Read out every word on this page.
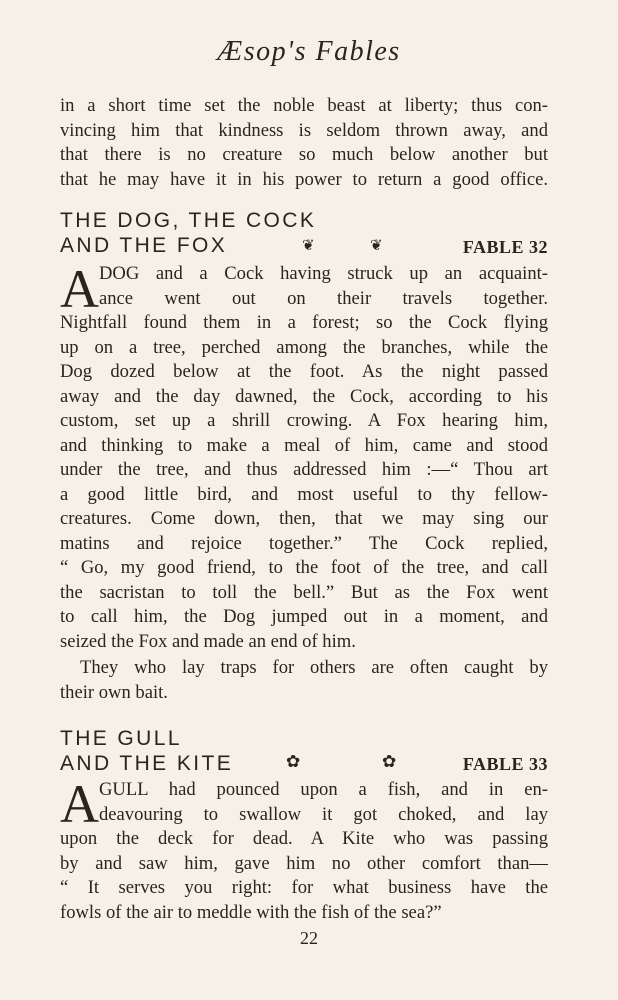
Æsop's Fables
in a short time set the noble beast at liberty; thus con-
vincing him that kindness is seldom thrown away, and
that there is no creature so much below another but
that he may have it in his power to return a good office.
THE DOG, THE COCK
AND THE FOX	❦	❦	FABLE 32
A DOG and a Cock having struck up an acquaint-
ance went out on their travels together.
Nightfall found them in a forest; so the Cock flying
up on a tree, perched among the branches, while the
Dog dozed below at the foot. As the night passed
away and the day dawned, the Cock, according to his
custom, set up a shrill crowing. A Fox hearing him,
and thinking to make a meal of him, came and stood
under the tree, and thus addressed him :—“ Thou art
a good little bird, and most useful to thy fellow-
creatures. Come down, then, that we may sing our
matins and rejoice together.” The Cock replied,
“ Go, my good friend, to the foot of the tree, and call
the sacristan to toll the bell.” But as the Fox went
to call him, the Dog jumped out in a moment, and
seized the Fox and made an end of him.
They who lay traps for others are often caught by
their own bait.
THE GULL
AND THE KITE	✿	✿	FABLE 33
A GULL had pounced upon a fish, and in en-
deavouring to swallow it got choked, and lay
upon the deck for dead. A Kite who was passing
by and saw him, gave him no other comfort than—
“ It serves you right: for what business have the
fowls of the air to meddle with the fish of the sea?”
22
